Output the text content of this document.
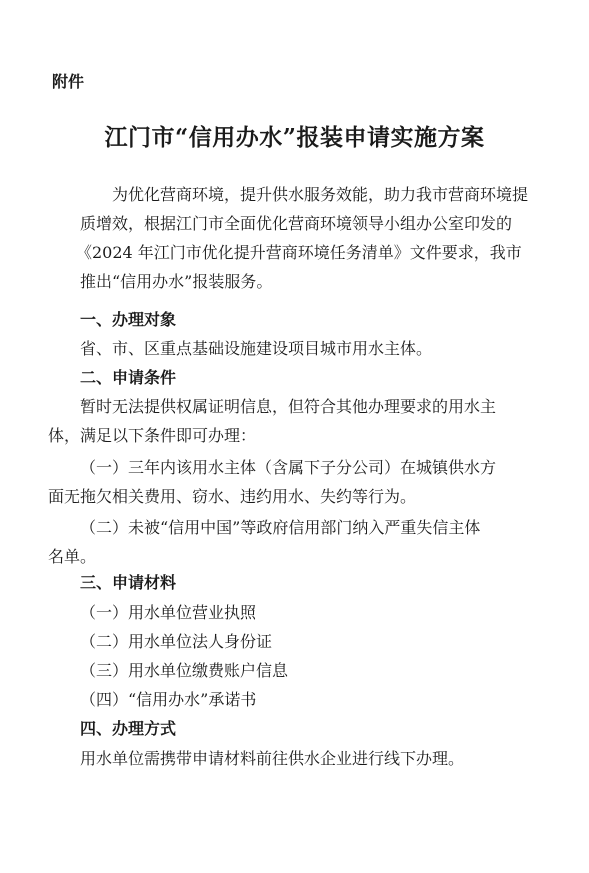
附件
江门市“信用办水”报装申请实施方案
为优化营商环境，提升供水服务效能，助力我市营商环境提
质增效，根据江门市全面优化营商环境领导小组办公室印发的
《2024 年江门市优化提升营商环境任务清单》文件要求，我市
推出“信用办水”报装服务。
一、办理对象
省、市、区重点基础设施建设项目城市用水主体。
二、申请条件
暂时无法提供权属证明信息，但符合其他办理要求的用水主
体，满足以下条件即可办理：
（一）三年内该用水主体（含属下子分公司）在城镇供水方
面无拖欠相关费用、窃水、违约用水、失约等行为。
（二）未被“信用中国”等政府信用部门纳入严重失信主体
名单。
三、申请材料
（一）用水单位营业执照
（二）用水单位法人身份证
（三）用水单位缴费账户信息
（四）“信用办水”承诺书
四、办理方式
用水单位需携带申请材料前往供水企业进行线下办理。
